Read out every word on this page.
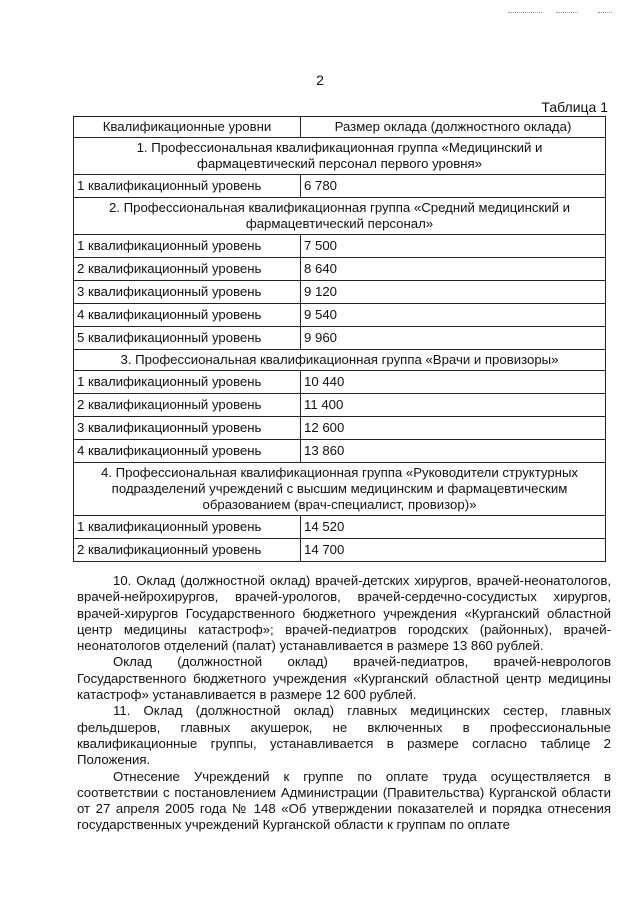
2
Таблица 1
Квалификационные уровни	Размер оклада (должностного оклада)
1. Профессиональная квалификационная группа «Медицинский и фармацевтический персонал первого уровня»	
1 квалификационный уровень	6 780
2. Профессиональная квалификационная группа «Средний медицинский и фармацевтический персонал»	
1 квалификационный уровень	7 500
2 квалификационный уровень	8 640
3 квалификационный уровень	9 120
4 квалификационный уровень	9 540
5 квалификационный уровень	9 960
3. Профессиональная квалификационная группа «Врачи и провизоры»	
1 квалификационный уровень	10 440
2 квалификационный уровень	11 400
3 квалификационный уровень	12 600
4 квалификационный уровень	13 860
4. Профессиональная квалификационная группа «Руководители структурных подразделений учреждений с высшим медицинским и фармацевтическим образованием (врач-специалист, провизор)»	
1 квалификационный уровень	14 520
2 квалификационный уровень	14 700

10. Оклад (должностной оклад) врачей-детских хирургов, врачей-неонатологов, врачей-нейрохирургов, врачей-урологов, врачей-сердечно-сосудистых хирургов, врачей-хирургов Государственного бюджетного учреждения «Курганский областной центр медицины катастроф»; врачей-педиатров городских (районных), врачей-неонатологов отделений (палат) устанавливается в размере 13 860 рублей.

Оклад (должностной оклад) врачей-педиатров, врачей-неврологов Государственного бюджетного учреждения «Курганский областной центр медицины катастроф» устанавливается в размере 12 600 рублей.

11. Оклад (должностной оклад) главных медицинских сестер, главных фельдшеров, главных акушерок, не включенных в профессиональные квалификационные группы, устанавливается в размере согласно таблице 2 Положения.

Отнесение Учреждений к группе по оплате труда осуществляется в соответствии с постановлением Администрации (Правительства) Курганской области от 27 апреля 2005 года № 148 «Об утверждении показателей и порядка отнесения государственных учреждений Курганской области к группам по оплате
